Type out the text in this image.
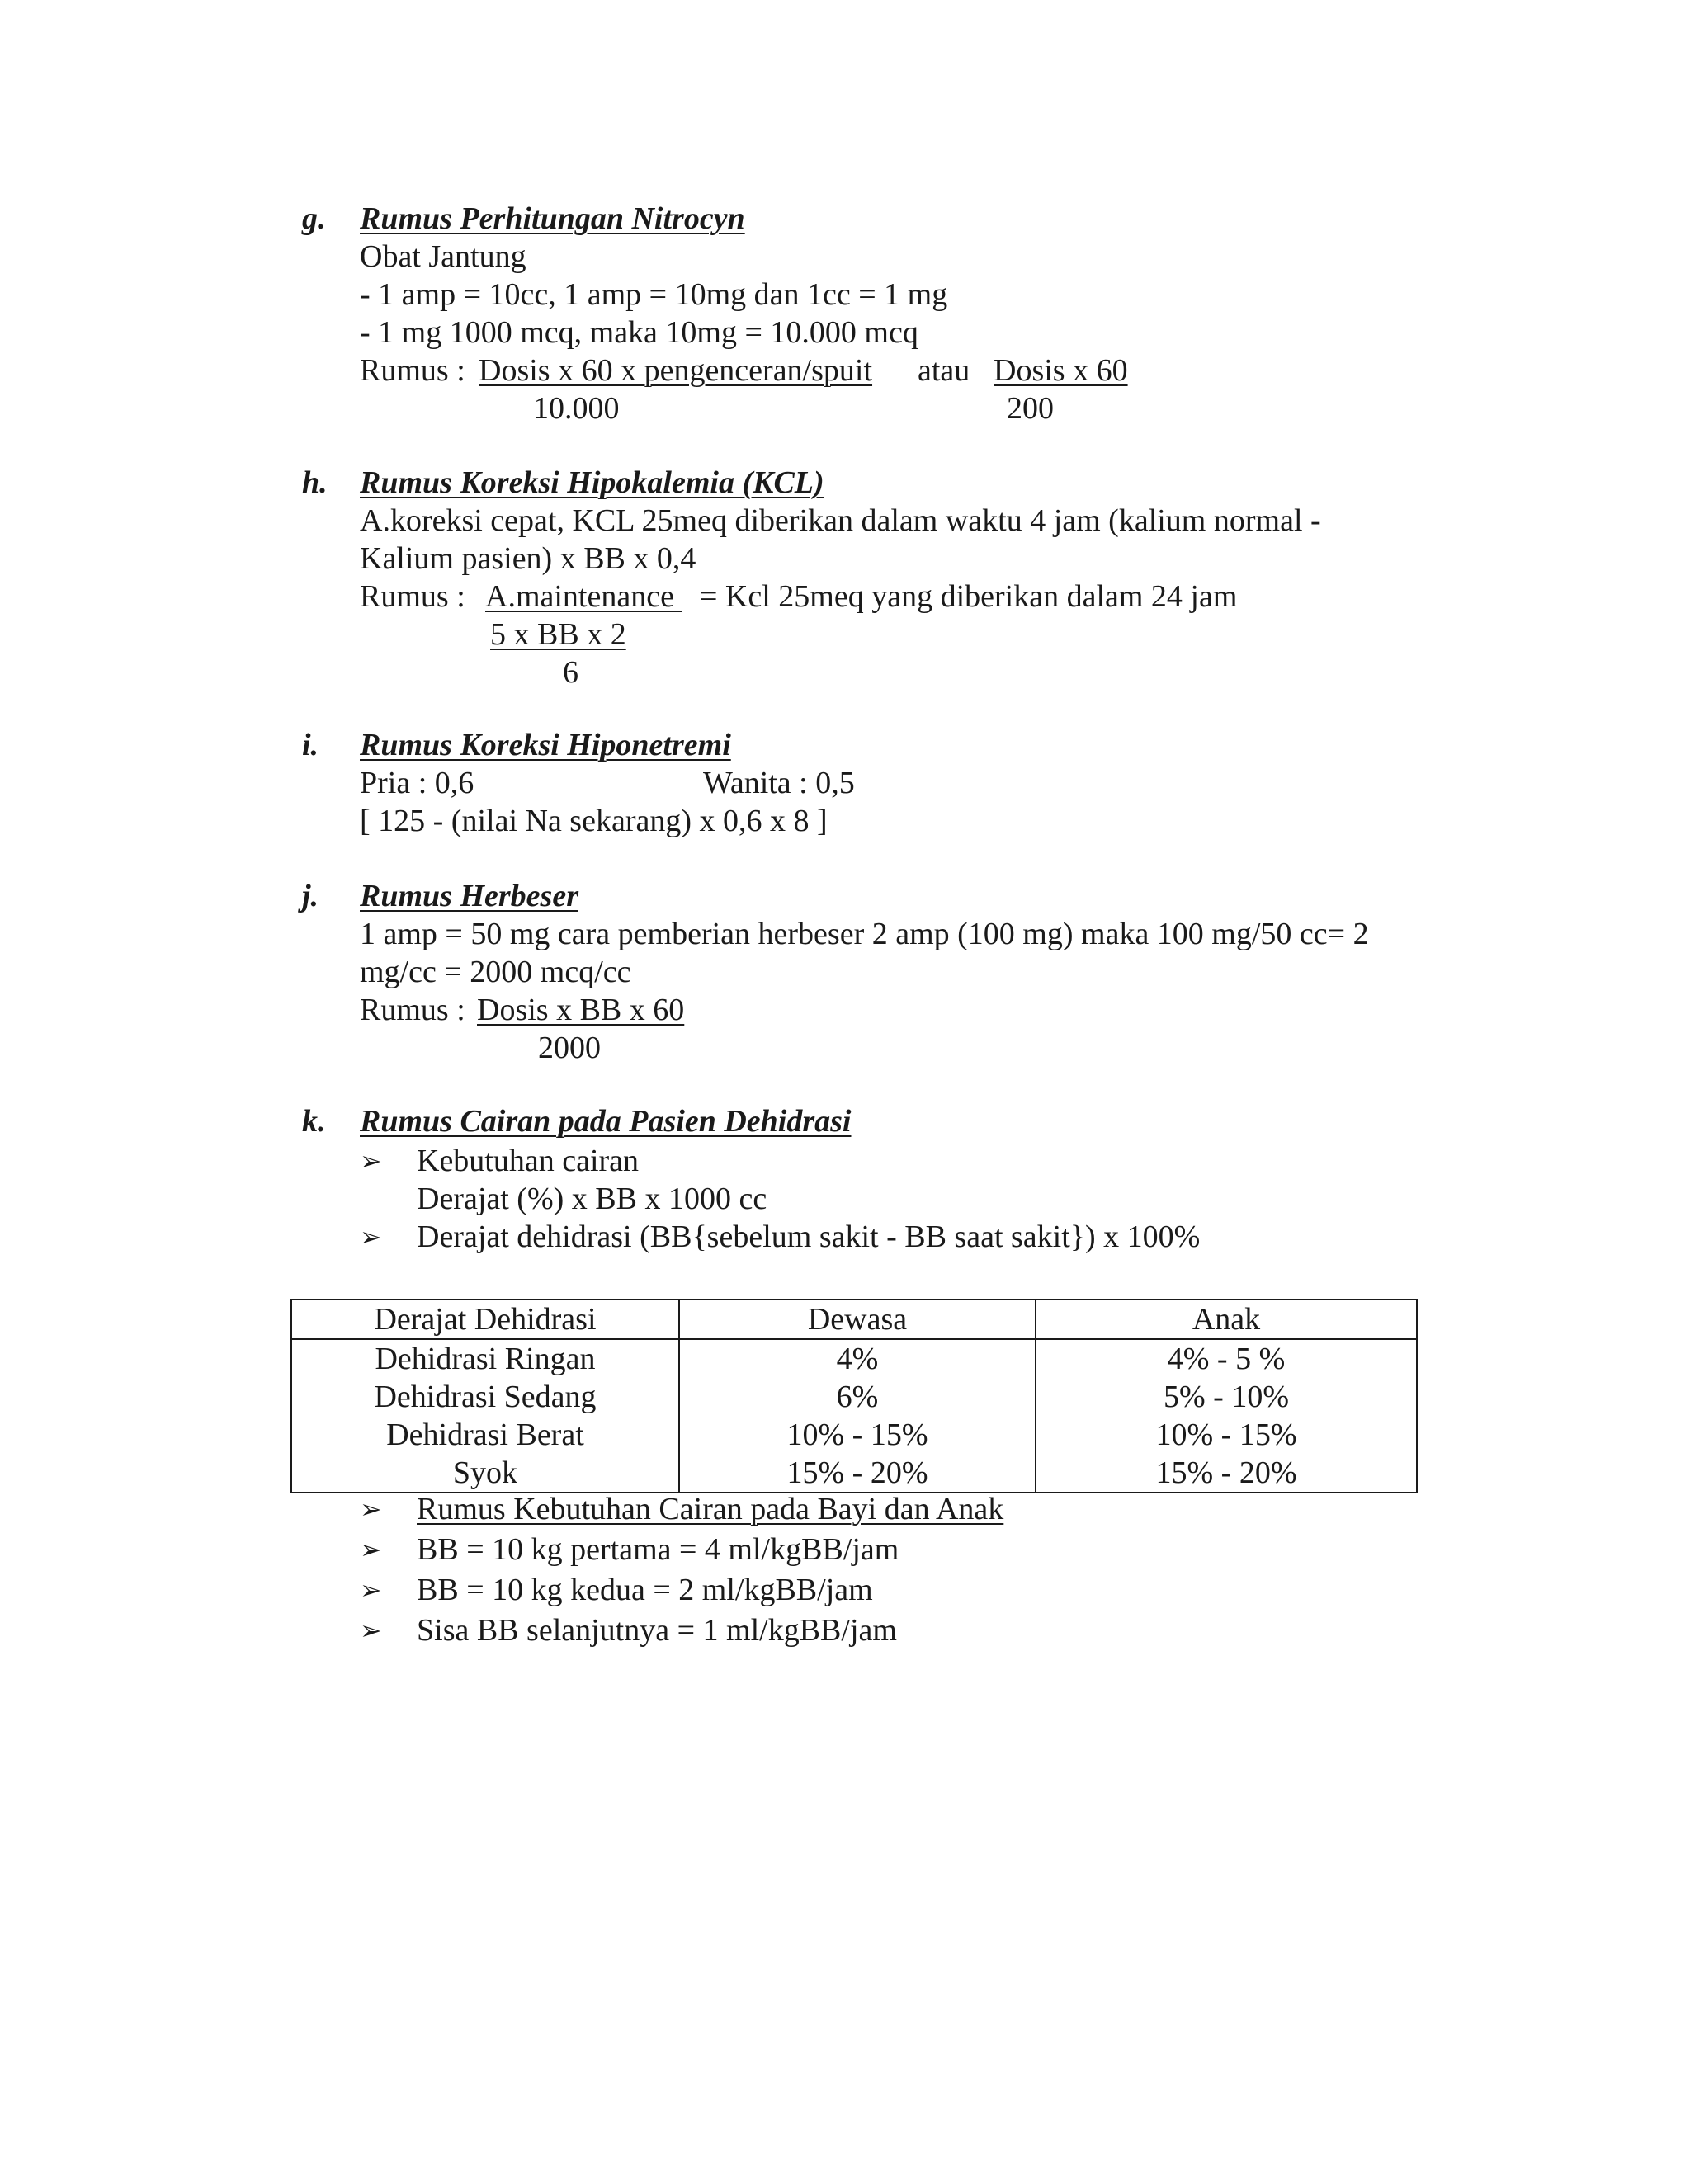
g. Rumus Perhitungan Nitrocyn
Obat Jantung
- 1 amp = 10cc, 1 amp = 10mg dan 1cc = 1 mg
- 1 mg 1000 mcq, maka 10mg = 10.000 mcq
Rumus : Dosis x 60 x pengenceran/spuit atau Dosis x 60
10.000	200
h. Rumus Koreksi Hipokalemia (KCL)
A.koreksi cepat, KCL 25meq diberikan dalam waktu 4 jam (kalium normal -
Kalium pasien) x BB x 0,4
Rumus : A.maintenance = Kcl 25meq yang diberikan dalam 24 jam
5 x BB x 2
6
i. Rumus Koreksi Hiponetremi
Pria : 0,6	Wanita : 0,5
[ 125 - (nilai Na sekarang) x 0,6 x 8 ]
j. Rumus Herbeser
1 amp = 50 mg cara pemberian herbeser 2 amp (100 mg) maka 100 mg/50 cc= 2
mg/cc = 2000 mcq/cc
Rumus : Dosis x BB x 60
2000
k. Rumus Cairan pada Pasien Dehidrasi
➢ Kebutuhan cairan
Derajat (%) x BB x 1000 cc
➢ Derajat dehidrasi (BB{sebelum sakit - BB saat sakit}) x 100%
Derajat Dehidrasi	Dewasa	Anak
Dehidrasi Ringan	4%	4% - 5 %
Dehidrasi Sedang	6%	5% - 10%
Dehidrasi Berat	10% - 15%	10% - 15%
Syok	15% - 20%	15% - 20%
➢ Rumus Kebutuhan Cairan pada Bayi dan Anak
➢ BB = 10 kg pertama = 4 ml/kgBB/jam
➢ BB = 10 kg kedua = 2 ml/kgBB/jam
➢ Sisa BB selanjutnya = 1 ml/kgBB/jam
